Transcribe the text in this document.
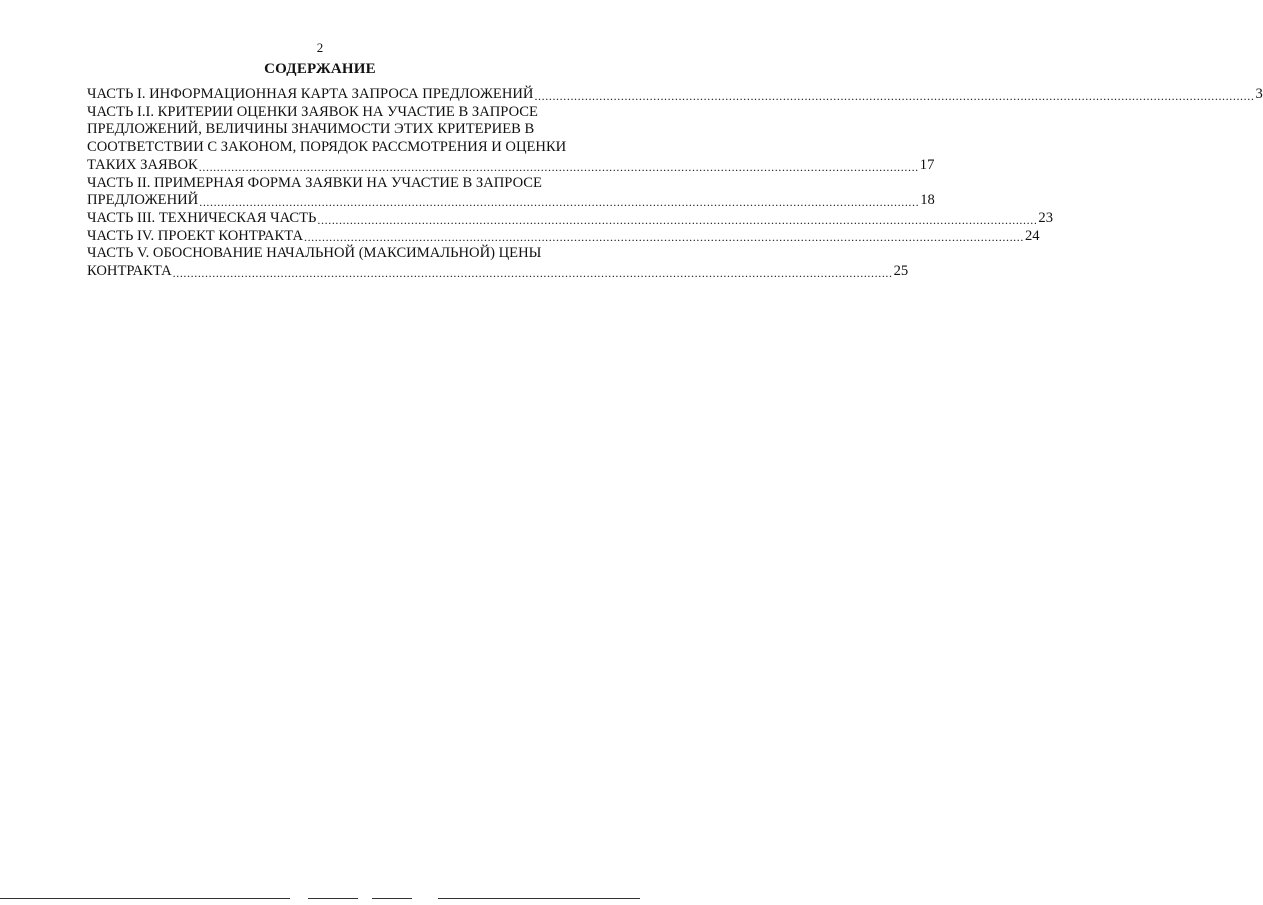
2
СОДЕРЖАНИЕ
ЧАСТЬ I. ИНФОРМАЦИОННАЯ КАРТА ЗАПРОСА ПРЕДЛОЖЕНИЙ ........................................................................................................................................................................................................ 3
ЧАСТЬ I.I. КРИТЕРИИ ОЦЕНКИ ЗАЯВОК НА УЧАСТИЕ В ЗАПРОСЕ
ПРЕДЛОЖЕНИЙ, ВЕЛИЧИНЫ ЗНАЧИМОСТИ ЭТИХ КРИТЕРИЕВ В
СООТВЕТСТВИИ С ЗАКОНОМ, ПОРЯДОК РАССМОТРЕНИЯ И ОЦЕНКИ
ТАКИХ ЗАЯВОК ........................................................................................................................................................................................................ 17
ЧАСТЬ II. ПРИМЕРНАЯ ФОРМА ЗАЯВКИ НА УЧАСТИЕ В ЗАПРОСЕ
ПРЕДЛОЖЕНИЙ ........................................................................................................................................................................................................ 18
ЧАСТЬ III. ТЕХНИЧЕСКАЯ ЧАСТЬ ........................................................................................................................................................................................................ 23
ЧАСТЬ IV. ПРОЕКТ КОНТРАКТА ........................................................................................................................................................................................................ 24
ЧАСТЬ V. ОБОСНОВАНИЕ НАЧАЛЬНОЙ (МАКСИМАЛЬНОЙ) ЦЕНЫ
КОНТРАКТА ........................................................................................................................................................................................................ 25
